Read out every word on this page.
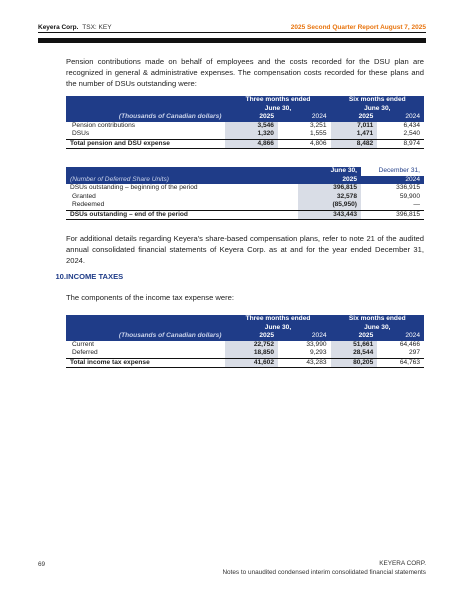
Keyera Corp. TSX: KEY	2025 Second Quarter Report August 7, 2025

Pension contributions made on behalf of employees and the costs recorded for the DSU plan are recognized in general & administrative expenses. The compensation costs recorded for these plans and the number of DSUs outstanding were:

	Three months ended		Six months ended	
	June 30,		June 30,	
(Thousands of Canadian dollars)	2025	2024	2025	2024
Pension contributions	3,546	3,251	7,011	6,434
DSUs	1,320	1,555	1,471	2,540
Total pension and DSU expense	4,866	4,806	8,482	8,974
	June 30,	December 31,
(Number of Deferred Share Units)	2025	2024
DSUs outstanding – beginning of the period	396,815	336,915
Granted	32,578	59,900
Redeemed	(85,950)	—
DSUs outstanding – end of the period	343,443	396,815

For additional details regarding Keyera's share-based compensation plans, refer to note 21 of the audited annual consolidated financial statements of Keyera Corp. as at and for the year ended December 31, 2024.

10.INCOME TAXES

The components of the income tax expense were:

	Three months ended		Six months ended	
	June 30,		June 30,	
(Thousands of Canadian dollars)	2025	2024	2025	2024
Current	22,752	33,990	51,661	64,466
Deferred	18,850	9,293	28,544	297
Total income tax expense	41,602	43,283	80,205	64,763
69	KEYERA CORP.
Notes to unaudited condensed interim consolidated financial statements
